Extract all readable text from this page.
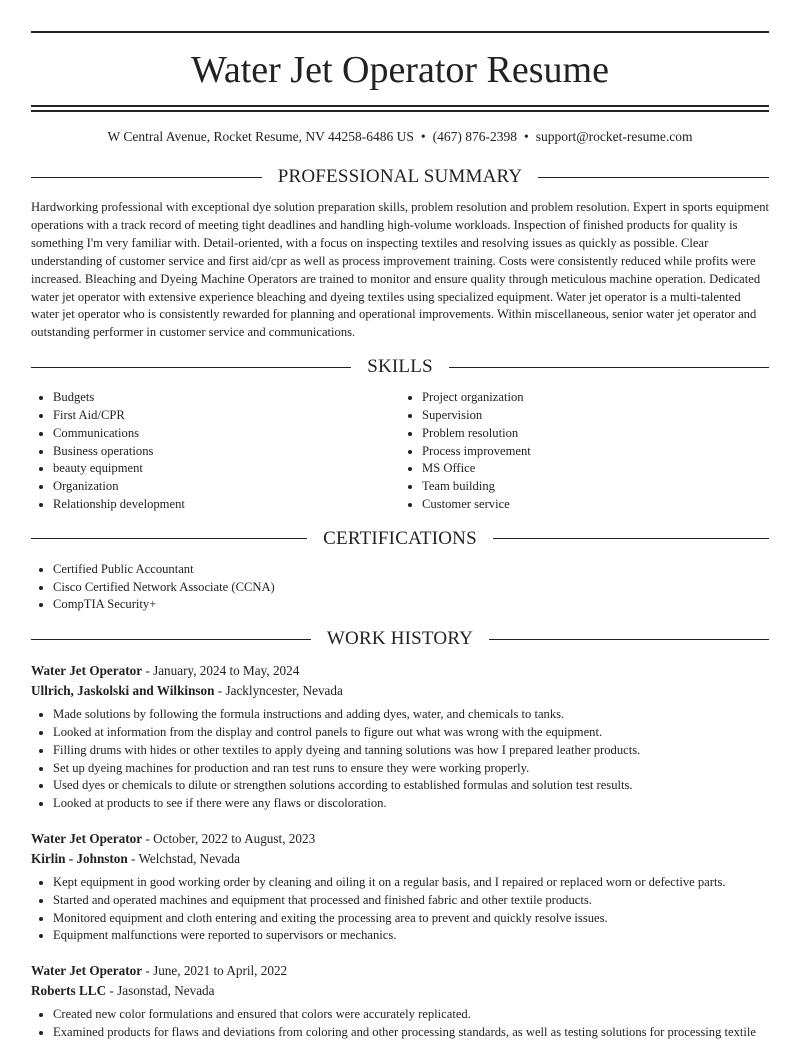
Water Jet Operator Resume
W Central Avenue, Rocket Resume, NV 44258-6486 US • (467) 876-2398 • support@rocket-resume.com
PROFESSIONAL SUMMARY
Hardworking professional with exceptional dye solution preparation skills, problem resolution and problem resolution. Expert in sports equipment operations with a track record of meeting tight deadlines and handling high-volume workloads. Inspection of finished products for quality is something I'm very familiar with. Detail-oriented, with a focus on inspecting textiles and resolving issues as quickly as possible. Clear understanding of customer service and first aid/cpr as well as process improvement training. Costs were consistently reduced while profits were increased. Bleaching and Dyeing Machine Operators are trained to monitor and ensure quality through meticulous machine operation. Dedicated water jet operator with extensive experience bleaching and dyeing textiles using specialized equipment. Water jet operator is a multi-talented water jet operator who is consistently rewarded for planning and operational improvements. Within miscellaneous, senior water jet operator and outstanding performer in customer service and communications.
SKILLS
• Budgets
• First Aid/CPR
• Communications
• Business operations
• beauty equipment
• Organization
• Relationship development
• Project organization
• Supervision
• Problem resolution
• Process improvement
• MS Office
• Team building
• Customer service
CERTIFICATIONS
• Certified Public Accountant
• Cisco Certified Network Associate (CCNA)
• CompTIA Security+
WORK HISTORY
Water Jet Operator - January, 2024 to May, 2024
Ullrich, Jaskolski and Wilkinson - Jacklyncester, Nevada
• Made solutions by following the formula instructions and adding dyes, water, and chemicals to tanks.
• Looked at information from the display and control panels to figure out what was wrong with the equipment.
• Filling drums with hides or other textiles to apply dyeing and tanning solutions was how I prepared leather products.
• Set up dyeing machines for production and ran test runs to ensure they were working properly.
• Used dyes or chemicals to dilute or strengthen solutions according to established formulas and solution test results.
• Looked at products to see if there were any flaws or discoloration.
Water Jet Operator - October, 2022 to August, 2023
Kirlin - Johnston - Welchstad, Nevada
• Kept equipment in good working order by cleaning and oiling it on a regular basis, and I repaired or replaced worn or defective parts.
• Started and operated machines and equipment that processed and finished fabric and other textile products.
• Monitored equipment and cloth entering and exiting the processing area to prevent and quickly resolve issues.
• Equipment malfunctions were reported to supervisors or mechanics.
Water Jet Operator - June, 2021 to April, 2022
Roberts LLC - Jasonstad, Nevada
• Created new color formulations and ensured that colors were accurately replicated.
• Examined products for flaws and deviations from coloring and other processing standards, as well as testing solutions for processing textile
